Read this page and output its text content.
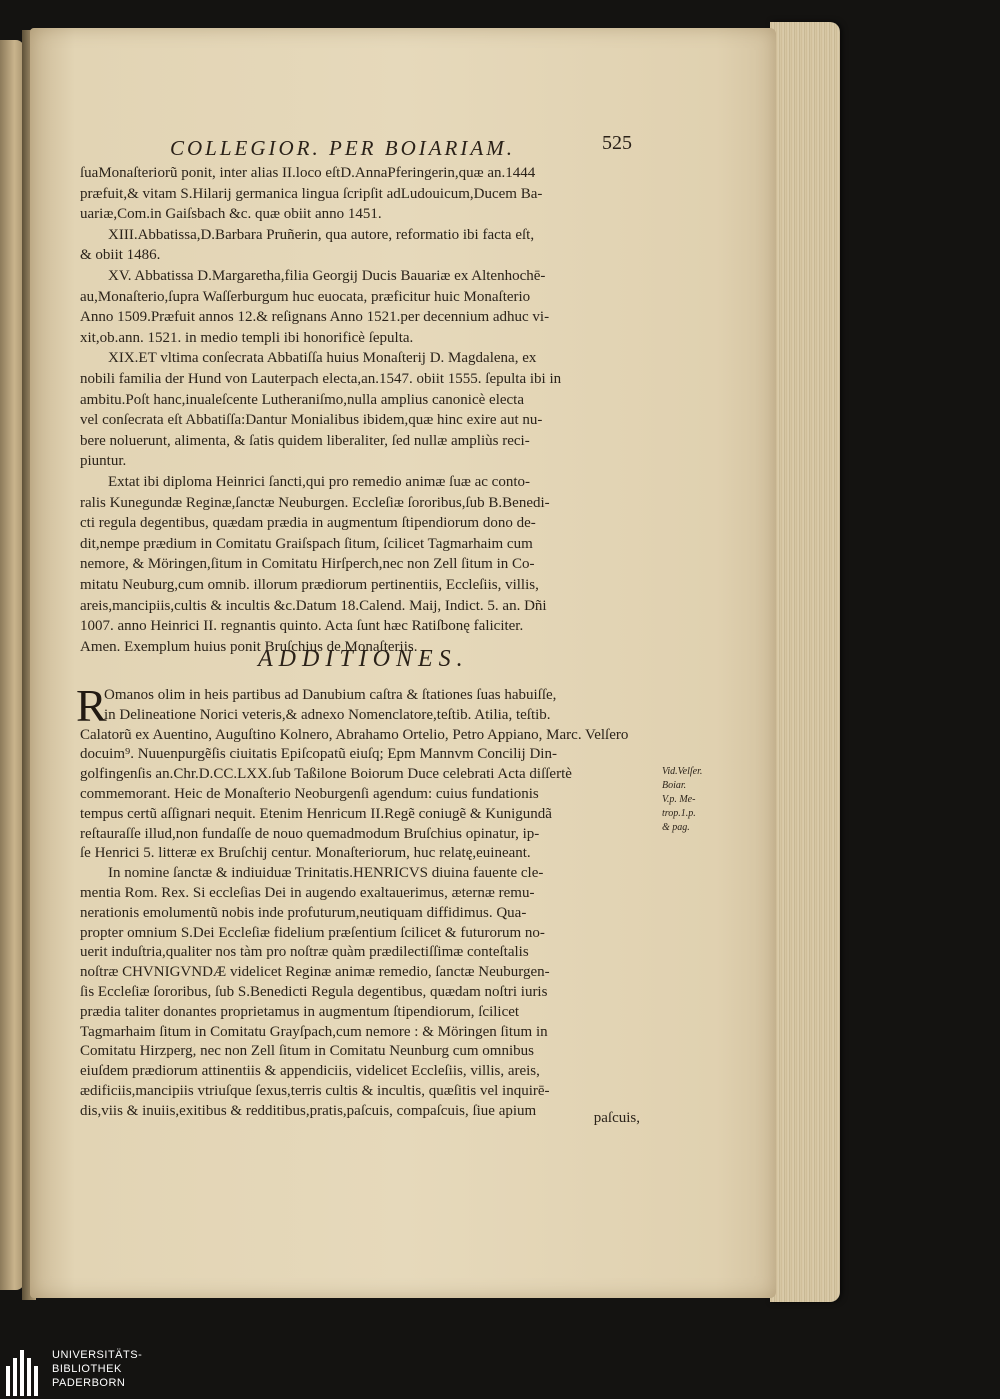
COLLEGIOR. PER BOIARIAM.	525
ſuaMonaſteriorũ ponit, inter alias II.loco eſtD.AnnaPferingerin,quæ an.1444
præfuit,& vitam S.Hilarij germanica lingua ſcripſit adLudouicum,Ducem Ba-
uariæ,Com.in Gaiſsbach &c. quæ obiit anno 1451.
XIII.Abbatissa,D.Barbara Pruñerin, qua autore, reformatio ibi facta eſt,
& obiit 1486.
XV. Abbatissa D.Margaretha,filia Georgij Ducis Bauariæ ex Altenhochē-
au,Monaſterio,ſupra Waſſerburgum huc euocata, præficitur huic Monaſterio
Anno 1509.Præfuit annos 12.& reſignans Anno 1521.per decennium adhuc vi-
xit,ob.ann. 1521. in medio templi ibi honorificè ſepulta.
XIX.ET vltima conſecrata Abbatiſſa huius Monaſterij D. Magdalena, ex
nobili familia der Hund von Lauterpach electa,an.1547. obiit 1555. ſepulta ibi in
ambitu.Poſt hanc,inualeſcente Lutheraniſmo,nulla amplius canonicè electa
vel conſecrata eſt Abbatiſſa:Dantur Monialibus ibidem,quæ hinc exire aut nu-
bere noluerunt, alimenta, & ſatis quidem liberaliter, ſed nullæ ampliùs reci-
piuntur.
Extat ibi diploma Heinrici ſancti,qui pro remedio animæ ſuæ ac conto-
ralis Kunegundæ Reginæ,ſanctæ Neuburgen. Eccleſiæ ſororibus,ſub B.Benedi-
cti regula degentibus, quædam prædia in augmentum ſtipendiorum dono de-
dit,nempe prædium in Comitatu Graiſspach ſitum, ſcilicet Tagmarhaim cum
nemore, & Möringen,ſitum in Comitatu Hirſperch,nec non Zell ſitum in Co-
mitatu Neuburg,cum omnib. illorum prædiorum pertinentiis, Eccleſiis, villis,
areis,mancipiis,cultis & incultis &c.Datum 18.Calend. Maij, Indict. 5. an. Dñi
1007. anno Heinrici II. regnantis quinto. Acta ſunt hæc Ratiſbonę faliciter.
Amen. Exemplum huius ponit Bruſchius de Monaſteriis.
ADDITIONES.
R
Omanos olim in heis partibus ad Danubium caſtra & ſtationes ſuas habuiſſe,
in Delineatione Norici veteris,& adnexo Nomenclatore,teſtib. Atilia, teſtib.
Calatorũ ex Auentino, Auguſtino Kolnero, Abrahamo Ortelio, Petro Appiano, Marc. Velſero
docuim⁹. Nuuenpurgẽſis ciuitatis Epiſcopatũ eiuſq; Epm Mannvm Concilij Din-
golfingenſis an.Chr.D.CC.LXX.ſub Taßilone Boiorum Duce celebrati Acta diſſertè
commemorant. Heic de Monaſterio Neoburgenſi agendum: cuius fundationis
tempus certũ aſſignari nequit. Etenim Henricum II.Regẽ coniugẽ & Kunigundã
reſtauraſſe illud,non fundaſſe de nouo quemadmodum Bruſchius opinatur, ip-
ſe Henrici 5. litteræ ex Bruſchij centur. Monaſteriorum, huc relatę,euineant.
In nomine ſanctæ & indiuiduæ Trinitatis.HENRICVS diuina fauente cle-
mentia Rom. Rex. Si eccleſias Dei in augendo exaltauerimus, æternæ remu-
nerationis emolumentũ nobis inde profuturum,neutiquam diffidimus. Qua-
propter omnium S.Dei Eccleſiæ fidelium præſentium ſcilicet & futurorum no-
uerit induſtria,qualiter nos tàm pro noſtræ quàm prædilectiſſimæ conteſtalis
noſtræ CHVNIGVNDÆ videlicet Reginæ animæ remedio, ſanctæ Neuburgen-
ſis Eccleſiæ ſororibus, ſub S.Benedicti Regula degentibus, quædam noſtri iuris
prædia taliter donantes proprietamus in augmentum ſtipendiorum, ſcilicet
Tagmarhaim ſitum in Comitatu Grayſpach,cum nemore : & Möringen ſitum in
Comitatu Hirzperg, nec non Zell ſitum in Comitatu Neunburg cum omnibus
eiuſdem prædiorum attinentiis & appendiciis, videlicet Eccleſiis, villis, areis,
ædificiis,mancipiis vtriuſque ſexus,terris cultis & incultis, quæſitis vel inquirē-
dis,viis & inuiis,exitibus & redditibus,pratis,paſcuis, compaſcuis, ſiue apium
Vid.Velſer.
Boiar.
V.p. Me-
trop.1.p.
& pag.
paſcuis,
UNIVERSITÄTS-
BIBLIOTHEK
PADERBORN
